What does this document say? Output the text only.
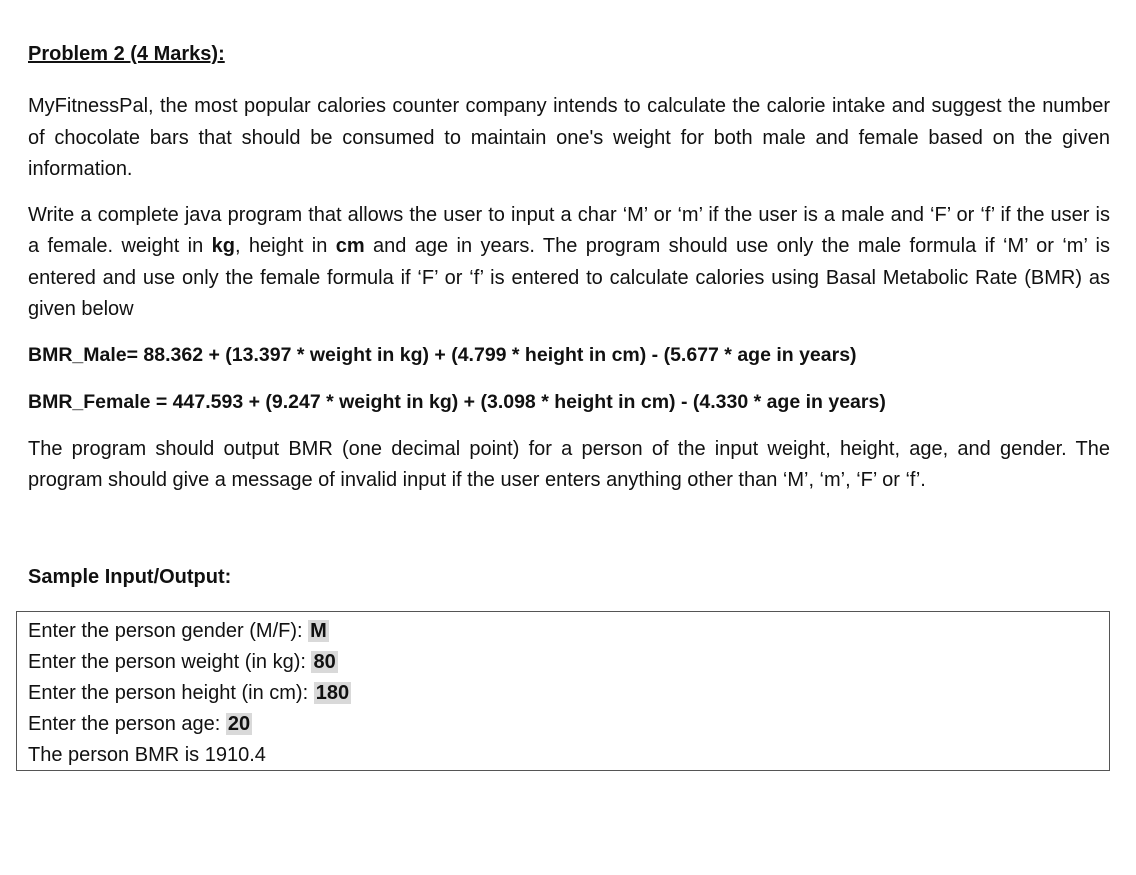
Problem 2 (4 Marks):

MyFitnessPal, the most popular calories counter company intends to calculate the calorie intake and suggest the number of chocolate bars that should be consumed to maintain one's weight for both male and female based on the given information.

Write a complete java program that allows the user to input a char ‘M’ or ‘m’ if the user is a male and ‘F’ or ‘f’ if the user is a female. weight in kg, height in cm and age in years. The program should use only the male formula if ‘M’ or ‘m’ is entered and use only the female formula if ‘F’ or ‘f’ is entered to calculate calories using Basal Metabolic Rate (BMR) as given below

BMR_Male= 88.362 + (13.397 * weight in kg) + (4.799 * height in cm) - (5.677 * age in years)
BMR_Female = 447.593 + (9.247 * weight in kg) + (3.098 * height in cm) - (4.330 * age in years)

The program should output BMR (one decimal point) for a person of the input weight, height, age, and gender. The program should give a message of invalid input if the user enters anything other than ‘M’, ‘m’, ‘F’ or ‘f’.

Sample Input/Output:
Enter the person gender (M/F): M
Enter the person weight (in kg): 80
Enter the person height (in cm): 180
Enter the person age: 20
The person BMR is 1910.4
